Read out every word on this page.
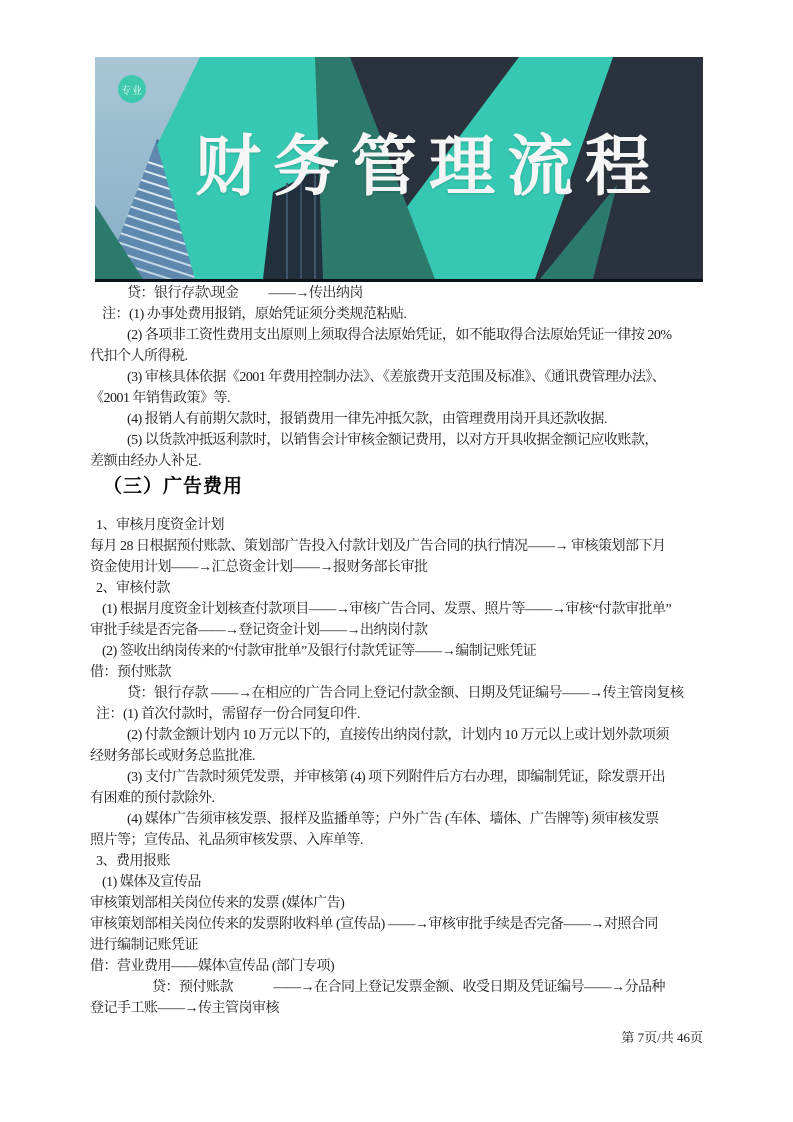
专业
财务管理流程
贷：银行存款\现金　　 ——→传出纳岗
注：(1) 办事处费用报销，原始凭证须分类规范粘贴.
(2) 各项非工资性费用支出原则上须取得合法原始凭证，如不能取得合法原始凭证一律按 20%
代扣个人所得税.
(3) 审核具体依据《2001 年费用控制办法》、《差旅费开支范围及标准》、《通讯费管理办法》、
《2001 年销售政策》等.
(4) 报销人有前期欠款时，报销费用一律先冲抵欠款，由管理费用岗开具还款收据.
(5) 以货款冲抵返利款时，以销售会计审核金额记费用，以对方开具收据金额记应收账款，
差额由经办人补足.
（三）广告费用
1、审核月度资金计划
每月 28 日根据预付账款、策划部广告投入付款计划及广告合同的执行情况——→ 审核策划部下月
资金使用计划——→汇总资金计划——→报财务部长审批
2、审核付款
(1) 根据月度资金计划核查付款项目——→审核广告合同、发票、照片等——→审核“付款审批单”
审批手续是否完备——→登记资金计划——→出纳岗付款
(2) 签收出纳岗传来的“付款审批单”及银行付款凭证等——→编制记账凭证
借：预付账款
贷：银行存款 ——→在相应的广告合同上登记付款金额、日期及凭证编号——→传主管岗复核
注：(1) 首次付款时，需留存一份合同复印件.
(2) 付款金额计划内 10 万元以下的，直接传出纳岗付款，计划内 10 万元以上或计划外款项须
经财务部长或财务总监批准.
(3) 支付广告款时须凭发票，并审核第 (4) 项下列附件后方右办理，即编制凭证，除发票开出
有困难的预付款除外.
(4) 媒体广告须审核发票、报样及监播单等；户外广告 (车体、墙体、广告牌等) 须审核发票
照片等；宣传品、礼品须审核发票、入库单等.
3、费用报账
(1) 媒体及宣传品
审核策划部相关岗位传来的发票 (媒体广告)
审核策划部相关岗位传来的发票附收料单 (宣传品) ——→审核审批手续是否完备——→对照合同
进行编制记账凭证
借：营业费用——媒体\宣传品 (部门专项)
贷：预付账款　　　——→在合同上登记发票金额、收受日期及凭证编号——→分品种
登记手工账——→传主管岗审核
第 7页/共 46页
